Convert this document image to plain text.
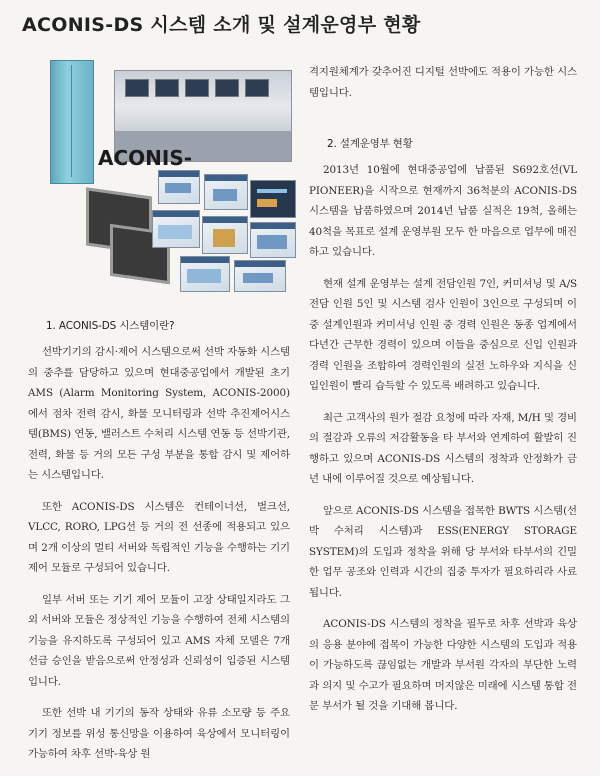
ACONIS-DS 시스템 소개 및 설계운영부 현황
ACONIS-
1. ACONIS-DS 시스템이란?

선박기기의 감시·제어 시스템으로써 선박 자동화 시스템의 중추를 담당하고 있으며 현대중공업에서 개발된 초기 AMS (Alarm Monitoring System, ACONIS-2000) 에서 점차 전력 감시, 화물 모니터링과 선박 추진제어시스템(BMS) 연동, 밸러스트 수처리 시스템 연동 등 선박기관, 전력, 화물 등 거의 모든 구성 부분을 통합 감시 및 제어하는 시스템입니다.

또한 ACONIS-DS 시스템은 컨테이너선, 벌크선, VLCC, RORO, LPG선 등 거의 전 선종에 적용되고 있으며 2개 이상의 멀티 서버와 독립적인 기능을 수행하는 기기 제어 모듈로 구성되어 있습니다.

일부 서버 또는 기기 제어 모듈이 고장 상태일지라도 그 외 서버와 모듈은 정상적인 기능을 수행하여 전체 시스템의 기능을 유지하도록 구성되어 있고 AMS 자체 모델은 7개 선급 승인을 받음으로써 안정성과 신뢰성이 입증된 시스템입니다.

또한 선박 내 기기의 동작 상태와 유류 소모량 등 주요 기기 정보를 위성 통신망을 이용하여 육상에서 모니터링이 가능하여 차후 선박-육상 원

격지원체계가 갖추어진 디지털 선박에도 적용이 가능한 시스템입니다.

2. 설계운영부 현황

2013년 10월에 현대중공업에 납품된 S692호선(VL PIONEER)을 시작으로 현재까지 36척분의 ACONIS-DS 시스템을 납품하였으며 2014년 납품 실적은 19척, 올해는 40척을 목표로 설계 운영부원 모두 한 마음으로 업무에 매진하고 있습니다.

현재 설계 운영부는 설계 전담인원 7인, 커미셔닝 및 A/S 전담 인원 5인 및 시스템 검사 인원이 3인으로 구성되며 이중 설계인원과 커미셔닝 인원 중 경력 인원은 동종 업계에서 다년간 근무한 경력이 있으며 이들을 중심으로 신입 인원과 경력 인원을 조합하여 경력인원의 실전 노하우와 지식을 신입인원이 빨리 습득할 수 있도록 배려하고 있습니다.

최근 고객사의 원가 절감 요청에 따라 자재, M/H 및 경비의 절감과 오류의 저감활동을 타 부서와 연계하여 활발히 진행하고 있으며 ACONIS-DS 시스템의 정착과 안정화가 금년 내에 이루어질 것으로 예상됩니다.

앞으로 ACONIS-DS 시스템을 접목한 BWTS 시스템(선박 수처리 시스템)과 ESS(ENERGY STORAGE SYSTEM)의 도입과 정착을 위해 당 부서와 타부서의 긴밀한 업무 공조와 인력과 시간의 집중 투자가 필요하리라 사료됩니다.

ACONIS-DS 시스템의 정착을 필두로 차후 선박과 육상의 응용 분야에 접목이 가능한 다양한 시스템의 도입과 적용이 가능하도록 끊임없는 개발과 부서원 각자의 부단한 노력과 의지 및 수고가 필요하며 머지않은 미래에 시스템 통합 전문 부서가 될 것을 기대해 봅니다.
